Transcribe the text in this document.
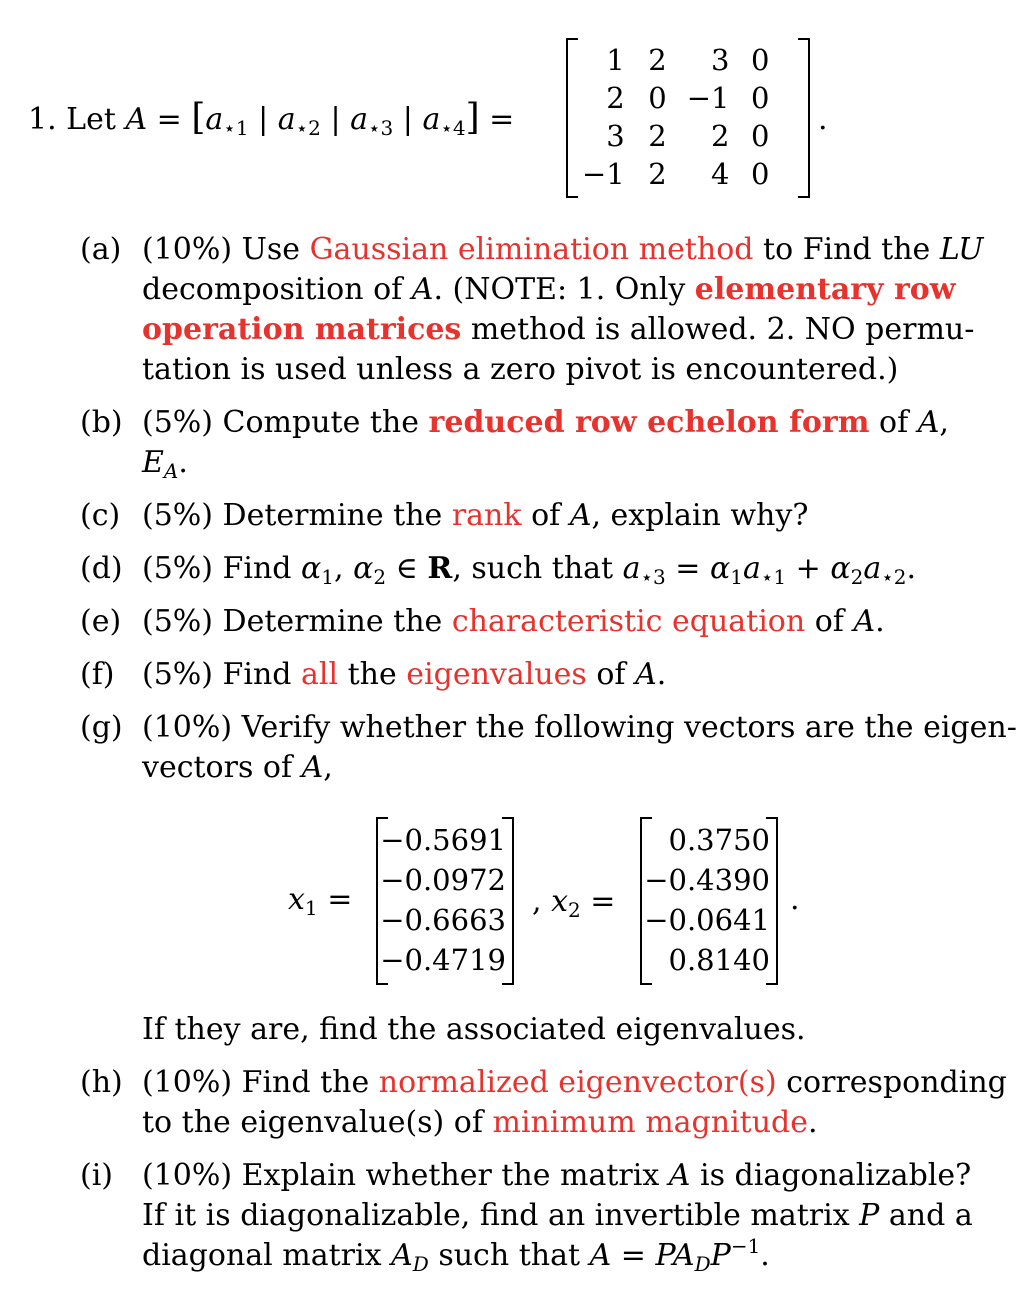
1. Let $A = [a_{⋆1}$ | $a_{⋆2}$ | $a_{⋆3}$ | $a_{⋆4}$] =
1	2	3	0
2	0	−1	0
3	2	2	0
−1	2	4	0
.
(a) (10%) Use Gaussian elimination method to Find the LU
decomposition of A. (NOTE: 1. Only elementary row
operation matrices method is allowed. 2. NO permu-
tation is used unless a zero pivot is encountered.)
(b) (5%) Compute the reduced row echelon form of A,
$E_A$.
(c) (5%) Determine the rank of A, explain why?
(d) (5%) Find $\alpha_1$, $\alpha_2$ ∈ R, such that $a_{⋆3} = \alpha_1a_{⋆1} + \alpha_2a_{⋆2}$.
(e) (5%) Determine the characteristic equation of A.
(f) (5%) Find all the eigenvalues of A.
(g) (10%) Verify whether the following vectors are the eigen-
vectors of A,
$x_1$ =
−0.5691
−0.0972
−0.6663
−0.4719
, $x_2$ =
0.3750
−0.4390
−0.0641
0.8140
.
If they are, find the associated eigenvalues.
(h) (10%) Find the normalized eigenvector(s) corresponding
to the eigenvalue(s) of minimum magnitude.
(i) (10%) Explain whether the matrix A is diagonalizable?
If it is diagonalizable, find an invertible matrix P and a
diagonal matrix $A_D$ such that $A = PA_DP^{-1}$.
